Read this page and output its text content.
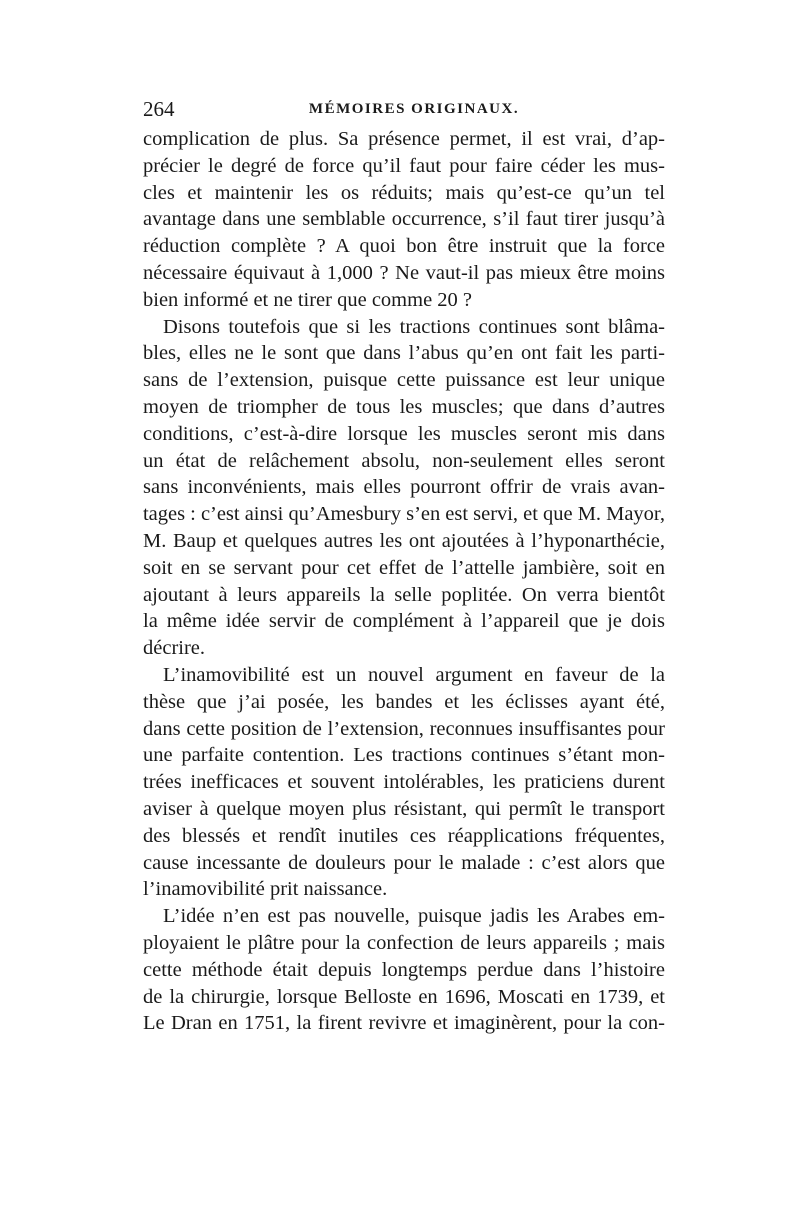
264	MÉMOIRES ORIGINAUX.

complication de plus. Sa présence permet, il est vrai, d’ap-
précier le degré de force qu’il faut pour faire céder les mus-
cles et maintenir les os réduits; mais qu’est-ce qu’un tel
avantage dans une semblable occurrence, s’il faut tirer jusqu’à
réduction complète ? A quoi bon être instruit que la force
nécessaire équivaut à 1,000 ? Ne vaut-il pas mieux être moins
bien informé et ne tirer que comme 20 ?

Disons toutefois que si les tractions continues sont blâma-
bles, elles ne le sont que dans l’abus qu’en ont fait les parti-
sans de l’extension, puisque cette puissance est leur unique
moyen de triompher de tous les muscles; que dans d’autres
conditions, c’est-à-dire lorsque les muscles seront mis dans
un état de relâchement absolu, non-seulement elles seront
sans inconvénients, mais elles pourront offrir de vrais avan-
tages : c’est ainsi qu’Amesbury s’en est servi, et que M. Mayor,
M. Baup et quelques autres les ont ajoutées à l’hyponarthécie,
soit en se servant pour cet effet de l’attelle jambière, soit en
ajoutant à leurs appareils la selle poplitée. On verra bientôt
la même idée servir de complément à l’appareil que je dois
décrire.

L’inamovibilité est un nouvel argument en faveur de la
thèse que j’ai posée, les bandes et les éclisses ayant été,
dans cette position de l’extension, reconnues insuffisantes pour
une parfaite contention. Les tractions continues s’étant mon-
trées inefficaces et souvent intolérables, les praticiens durent
aviser à quelque moyen plus résistant, qui permît le transport
des blessés et rendît inutiles ces réapplications fréquentes,
cause incessante de douleurs pour le malade : c’est alors que
l’inamovibilité prit naissance.

L’idée n’en est pas nouvelle, puisque jadis les Arabes em-
ployaient le plâtre pour la confection de leurs appareils ; mais
cette méthode était depuis longtemps perdue dans l’histoire
de la chirurgie, lorsque Belloste en 1696, Moscati en 1739, et
Le Dran en 1751, la firent revivre et imaginèrent, pour la con-
